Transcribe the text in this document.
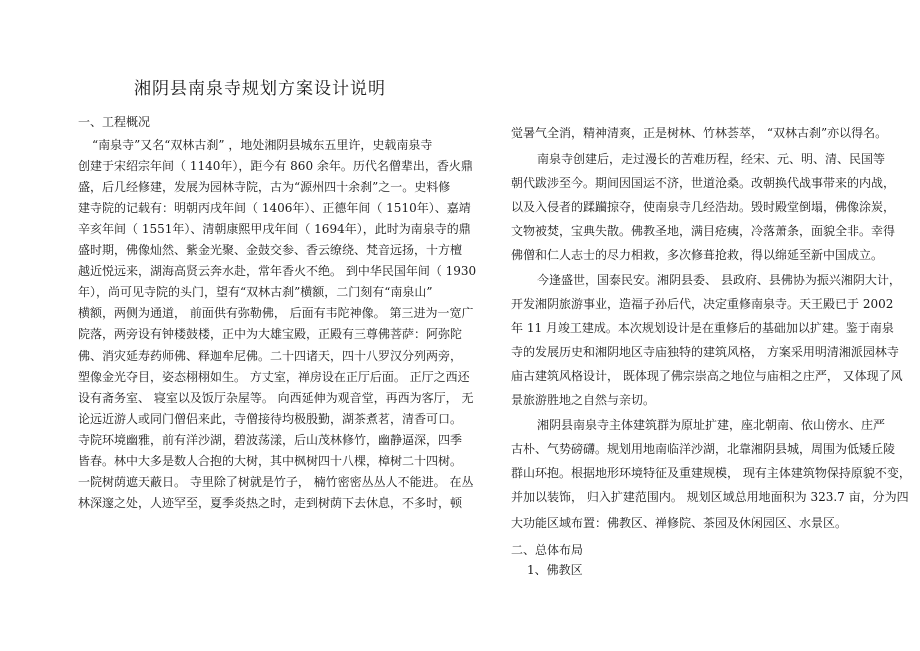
湘阴县南泉寺规划方案设计说明
一、工程概况
“南泉寺”又名“双林古刹” ，地处湘阴县城东五里许，史载南泉寺
创建于宋绍宗年间（ 1140年），距今有 860 余年。历代名僧辈出，香火鼎
盛，后几经修建，发展为园林寺院，古为“源州四十余刹”之一。史料修
建寺院的记载有：明朝丙戌年间（ 1406年）、正德年间（ 1510年）、嘉靖
辛亥年间（ 1551年）、清朝康熙甲戌年间（ 1694年），此时为南泉寺的鼎
盛时期，佛像灿然、紫金光聚、金鼓交参、香云缭绕、梵音远扬，十方檀
越近悦远来，湖海高贤云奔水赴，常年香火不绝。 到中华民国年间（ 1930
年），尚可见寺院的头门，望有“双林古刹”横额，二门刻有“南泉山”
横额，两侧为通道， 前面供有弥勒佛， 后面有韦陀神像。 第三进为一宽广
院落，两旁设有钟楼鼓楼，正中为大雄宝殿，正殿有三尊佛菩萨：阿弥陀
佛、消灾延寿药师佛、释迦牟尼佛。二十四诸天，四十八罗汉分列两旁，
塑像金光夺目，姿态栩栩如生。 方丈室，禅房设在正厅后面。 正厅之西还
设有斋务室、 寝室以及饭厅杂屋等。 向西延伸为观音堂，再西为客厅， 无
论远近游人或同门僧侣来此，寺僧接待均极殷勤，湖茶煮茗，清香可口。
寺院环境幽雅，前有洋沙湖，碧波荡漾，后山茂林修竹，幽静逼深，四季
皆春。林中大多是数人合抱的大树，其中枫树四十八棵，樟树二十四树。
一院树荫遮天蔽日。 寺里除了树就是竹子， 楠竹密密丛丛人不能进。 在丛
林深邃之处，人迹罕至，夏季炎热之时，走到树荫下去休息，不多时，顿
觉暑气全消，精神清爽，正是树林、竹林荟萃， “双林古刹”亦以得名。
南泉寺创建后，走过漫长的苦难历程，经宋、元、明、清、民国等
朝代跋涉至今。期间因国运不济，世道沧桑。改朝换代战事带来的内战，
以及入侵者的蹂躏掠夺，使南泉寺几经浩劫。毁时殿堂倒塌，佛像涂炭，
文物被焚，宝典失散。佛教圣地，满目疮痍，冷落萧条，面貌全非。幸得
佛僧和仁人志士的尽力相救，多次修葺抢救，得以绵延至新中国成立。
今逢盛世，国泰民安。湘阴县委、 县政府、县佛协为振兴湘阴大计，
开发湘阴旅游事业，造福子孙后代，决定重修南泉寺。天王殿已于 2002
年 11 月竣工建成。本次规划设计是在重修后的基础加以扩建。鉴于南泉
寺的发展历史和湘阴地区寺庙独特的建筑风格， 方案采用明清湘派园林寺
庙古建筑风格设计， 既体现了佛宗崇高之地位与庙相之庄严， 又体现了风
景旅游胜地之自然与亲切。
湘阴县南泉寺主体建筑群为原址扩建，座北朝南、依山傍水、庄严
古朴、气势磅礴。规划用地南临洋沙湖，北靠湘阴县城，周围为低矮丘陵
群山环抱。根据地形环境特征及重建规模， 现有主体建筑物保持原貌不变，
并加以装饰， 归入扩建范围内。 规划区域总用地面积为 323.7 亩，分为四
大功能区域布置：佛教区、禅修院、茶园及休闲园区、水景区。
二、总体布局
1、佛教区
